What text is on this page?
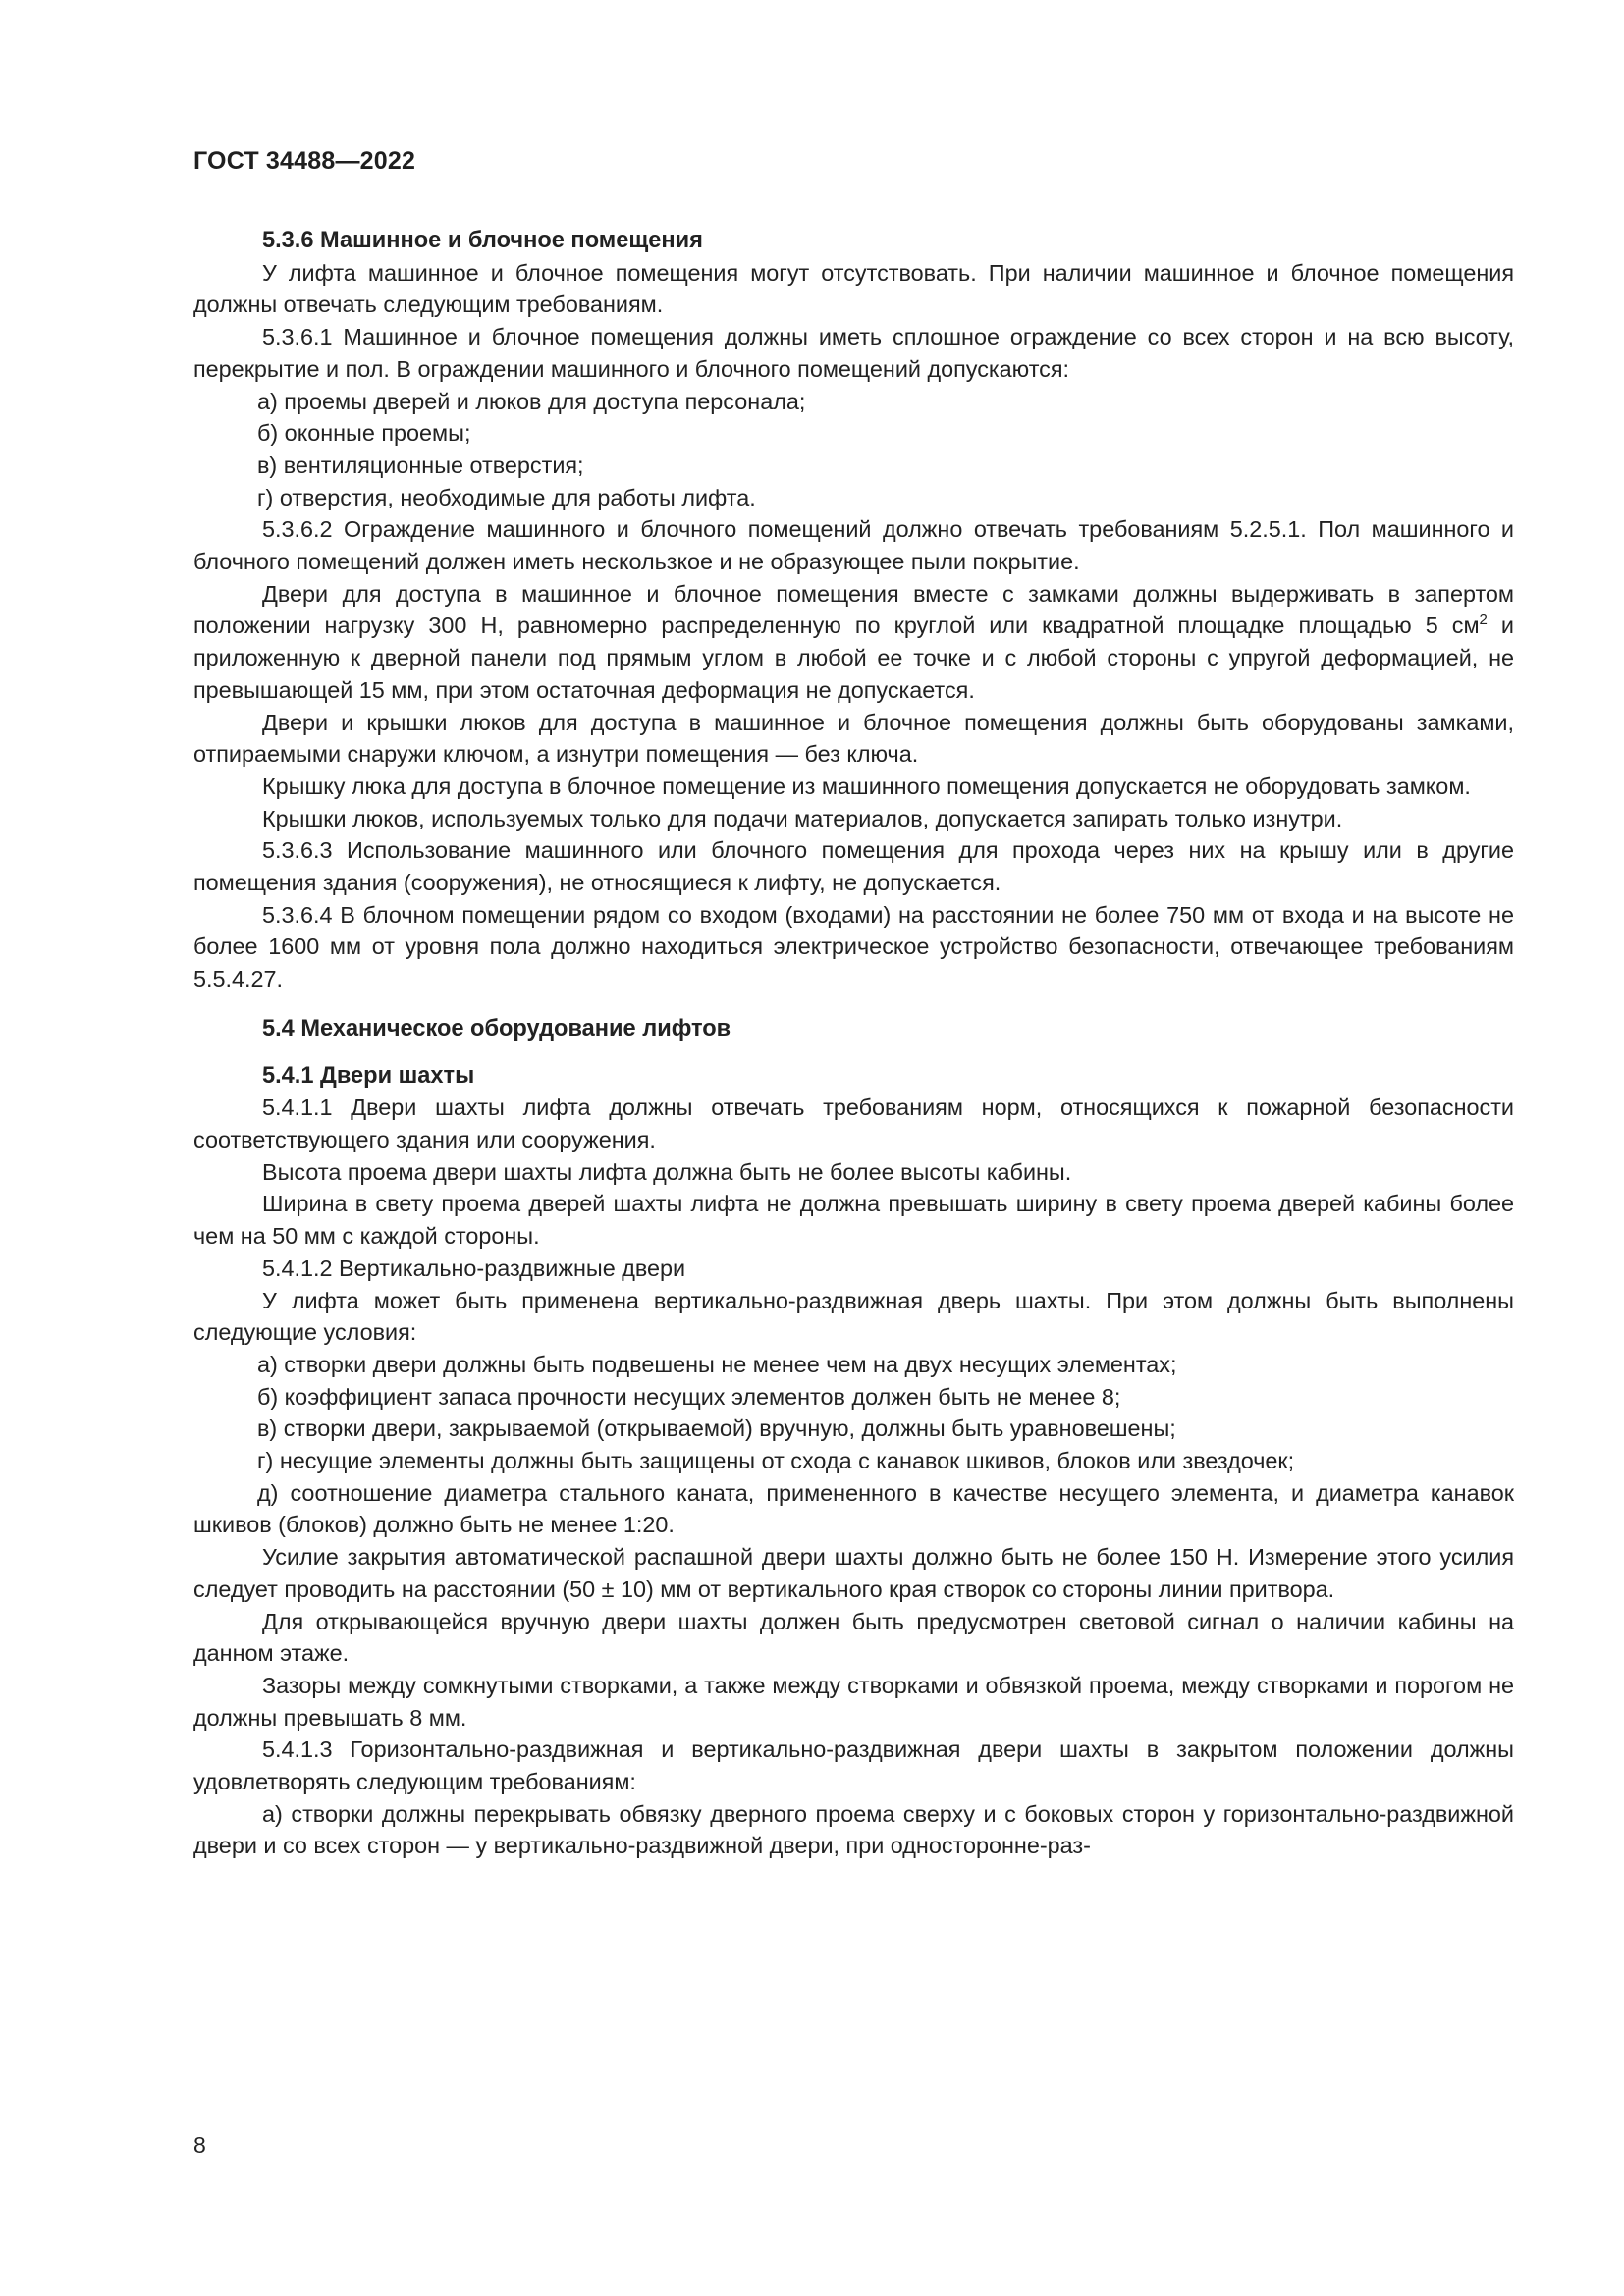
ГОСТ 34488—2022
5.3.6 Машинное и блочное помещения

У лифта машинное и блочное помещения могут отсутствовать. При наличии машинное и блочное помещения должны отвечать следующим требованиям.

5.3.6.1 Машинное и блочное помещения должны иметь сплошное ограждение со всех сторон и на всю высоту, перекрытие и пол. В ограждении машинного и блочного помещений допускаются:

а) проемы дверей и люков для доступа персонала;

б) оконные проемы;

в) вентиляционные отверстия;

г) отверстия, необходимые для работы лифта.

5.3.6.2 Ограждение машинного и блочного помещений должно отвечать требованиям 5.2.5.1. Пол машинного и блочного помещений должен иметь нескользкое и не образующее пыли покрытие.

Двери для доступа в машинное и блочное помещения вместе с замками должны выдерживать в запертом положении нагрузку 300 Н, равномерно распределенную по круглой или квадратной площадке площадью 5 $см^2$ и приложенную к дверной панели под прямым углом в любой ее точке и с любой стороны с упругой деформацией, не превышающей 15 мм, при этом остаточная деформация не допускается.

Двери и крышки люков для доступа в машинное и блочное помещения должны быть оборудованы замками, отпираемыми снаружи ключом, а изнутри помещения — без ключа.

Крышку люка для доступа в блочное помещение из машинного помещения допускается не оборудовать замком.

Крышки люков, используемых только для подачи материалов, допускается запирать только изнутри.

5.3.6.3 Использование машинного или блочного помещения для прохода через них на крышу или в другие помещения здания (сооружения), не относящиеся к лифту, не допускается.

5.3.6.4 В блочном помещении рядом со входом (входами) на расстоянии не более 750 мм от входа и на высоте не более 1600 мм от уровня пола должно находиться электрическое устройство безопасности, отвечающее требованиям 5.5.4.27.

5.4 Механическое оборудование лифтов
5.4.1 Двери шахты

5.4.1.1 Двери шахты лифта должны отвечать требованиям норм, относящихся к пожарной безопасности соответствующего здания или сооружения.

Высота проема двери шахты лифта должна быть не более высоты кабины.

Ширина в свету проема дверей шахты лифта не должна превышать ширину в свету проема дверей кабины более чем на 50 мм с каждой стороны.

5.4.1.2 Вертикально-раздвижные двери

У лифта может быть применена вертикально-раздвижная дверь шахты. При этом должны быть выполнены следующие условия:

а) створки двери должны быть подвешены не менее чем на двух несущих элементах;

б) коэффициент запаса прочности несущих элементов должен быть не менее 8;

в) створки двери, закрываемой (открываемой) вручную, должны быть уравновешены;

г) несущие элементы должны быть защищены от схода с канавок шкивов, блоков или звездочек;

д) соотношение диаметра стального каната, примененного в качестве несущего элемента, и диаметра канавок шкивов (блоков) должно быть не менее 1:20.

Усилие закрытия автоматической распашной двери шахты должно быть не более 150 Н. Измерение этого усилия следует проводить на расстоянии (50 ± 10) мм от вертикального края створок со стороны линии притвора.

Для открывающейся вручную двери шахты должен быть предусмотрен световой сигнал о наличии кабины на данном этаже.

Зазоры между сомкнутыми створками, а также между створками и обвязкой проема, между створками и порогом не должны превышать 8 мм.

5.4.1.3 Горизонтально-раздвижная и вертикально-раздвижная двери шахты в закрытом положении должны удовлетворять следующим требованиям:

а) створки должны перекрывать обвязку дверного проема сверху и с боковых сторон у горизонтально-раздвижной двери и со всех сторон — у вертикально-раздвижной двери, при односторонне-раз-

8
